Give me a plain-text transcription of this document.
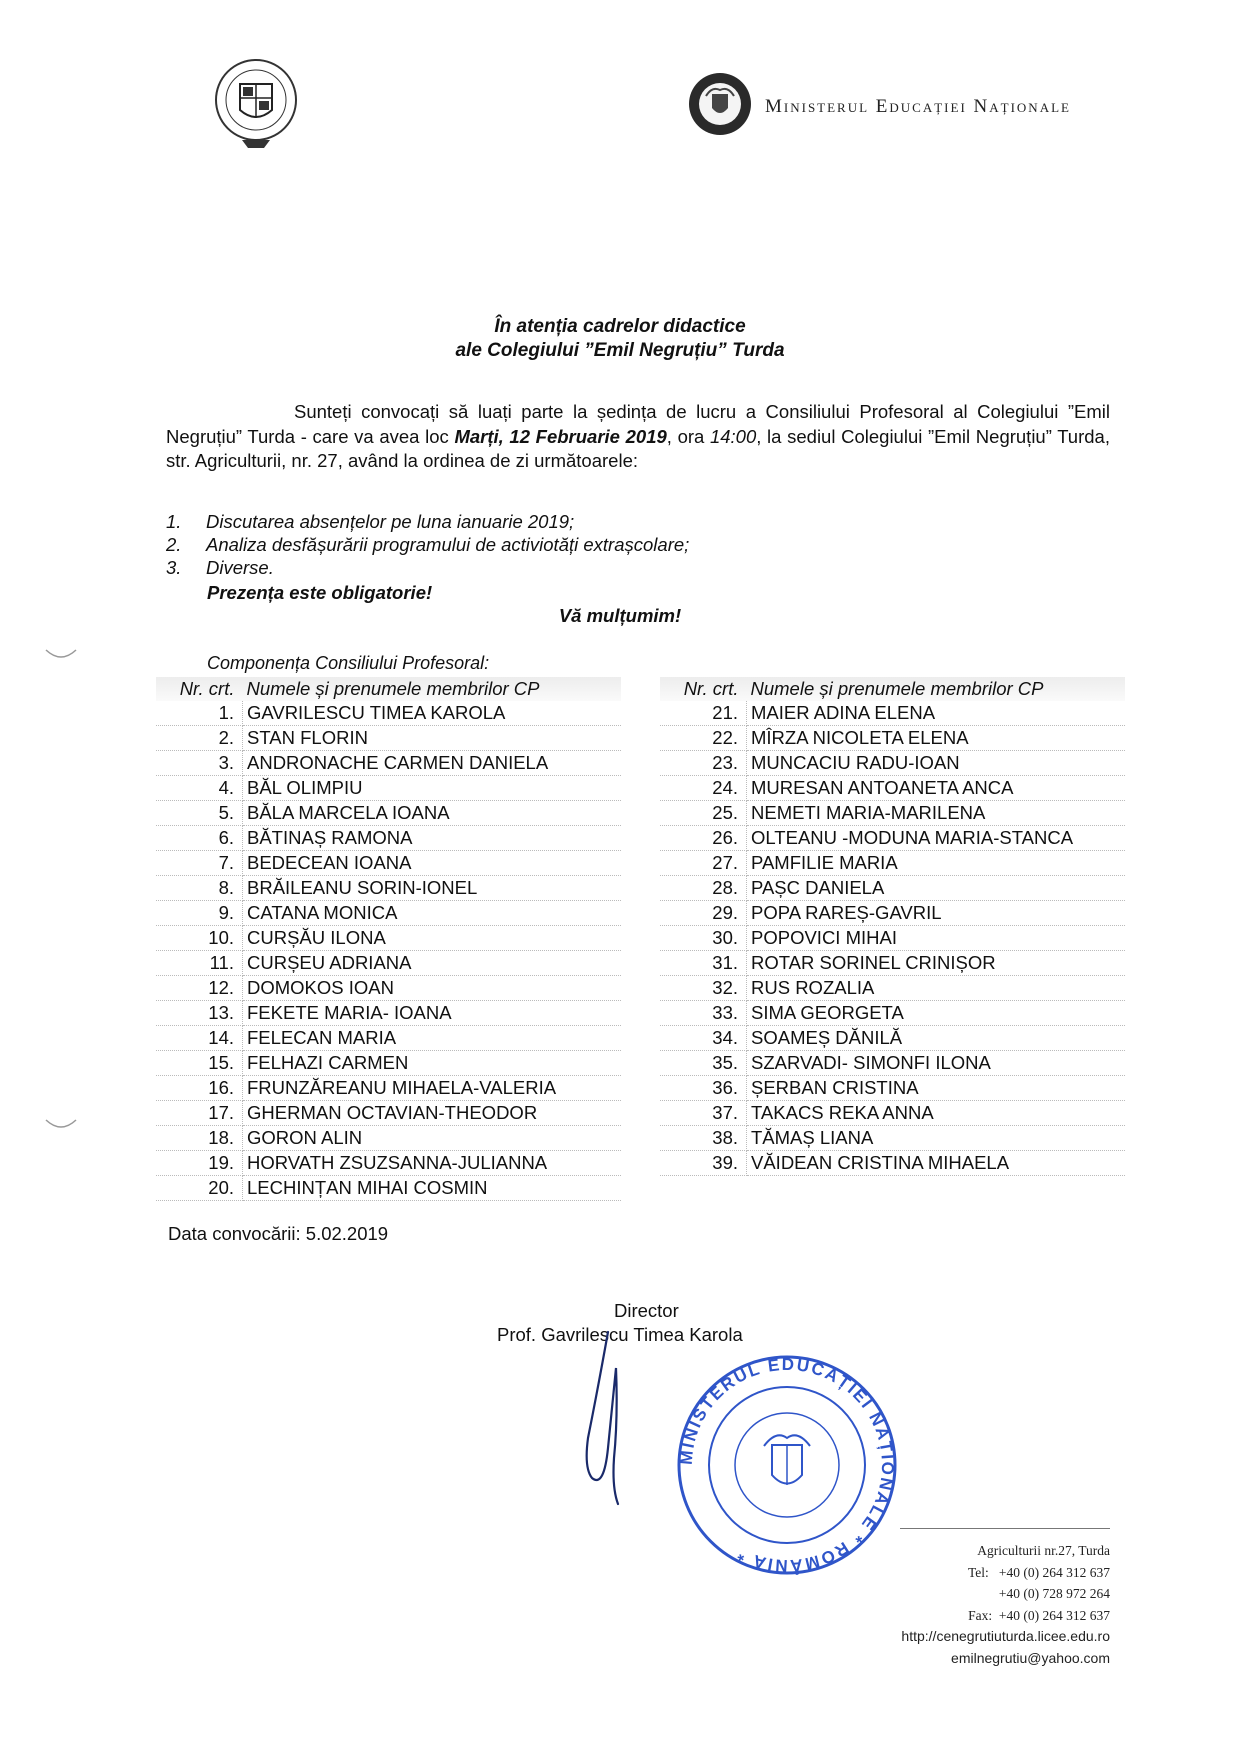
Ministerul Educației Naționale
În atenția cadrelor didactice
ale Colegiului ”Emil Negruțiu” Turda
Sunteți convocați să luați parte la ședința de lucru a Consiliului Profesoral al Colegiului ”Emil Negruțiu” Turda - care va avea loc Marți, 12 Februarie 2019, ora 14:00, la sediul Colegiului ”Emil Negruțiu” Turda, str. Agriculturii, nr. 27, având la ordinea de zi următoarele:
1.	Discutarea absențelor pe luna ianuarie 2019;
2.	Analiza desfășurării programului de activiotăți extrașcolare;
3.	Diverse.
Prezența este obligatorie!
Vă mulțumim!
Componența Consiliului Profesoral:
Nr. crt.	Numele și prenumele membrilor CP
1.	GAVRILESCU TIMEA KAROLA
2.	STAN FLORIN
3.	ANDRONACHE CARMEN DANIELA
4.	BĂL OLIMPIU
5.	BĂLA MARCELA IOANA
6.	BĂTINAȘ RAMONA
7.	BEDECEAN IOANA
8.	BRĂILEANU SORIN-IONEL
9.	CATANA MONICA
10.	CURȘĂU ILONA
11.	CURȘEU ADRIANA
12.	DOMOKOS IOAN
13.	FEKETE MARIA- IOANA
14.	FELECAN MARIA
15.	FELHAZI CARMEN
16.	FRUNZĂREANU MIHAELA-VALERIA
17.	GHERMAN OCTAVIAN-THEODOR
18.	GORON ALIN
19.	HORVATH ZSUZSANNA-JULIANNA
20.	LECHINȚAN MIHAI COSMIN
Nr. crt.	Numele și prenumele membrilor CP
21.	MAIER ADINA ELENA
22.	MÎRZA NICOLETA ELENA
23.	MUNCACIU RADU-IOAN
24.	MURESAN ANTOANETA ANCA
25.	NEMETI MARIA-MARILENA
26.	OLTEANU -MODUNA MARIA-STANCA
27.	PAMFILIE MARIA
28.	PAȘC DANIELA
29.	POPA RAREȘ-GAVRIL
30.	POPOVICI MIHAI
31.	ROTAR SORINEL CRINIȘOR
32.	RUS ROZALIA
33.	SIMA GEORGETA
34.	SOAMEȘ DĂNILĂ
35.	SZARVADI- SIMONFI ILONA
36.	ȘERBAN CRISTINA
37.	TAKACS REKA ANNA
38.	TĂMAȘ LIANA
39.	VĂIDEAN CRISTINA MIHAELA
Data convocării: 5.02.2019
Director
Prof. Gavrilescu Timea Karola
MINISTERUL EDUCAȚIEI NAȚIONALE * ROMÂNIA *	Agriculturii nr.27, Turda
Tel: +40 (0) 264 312 637
+40 (0) 728 972 264
Fax: +40 (0) 264 312 637
http://cenegrutiuturda.licee.edu.ro
emilnegrutiu@yahoo.com
